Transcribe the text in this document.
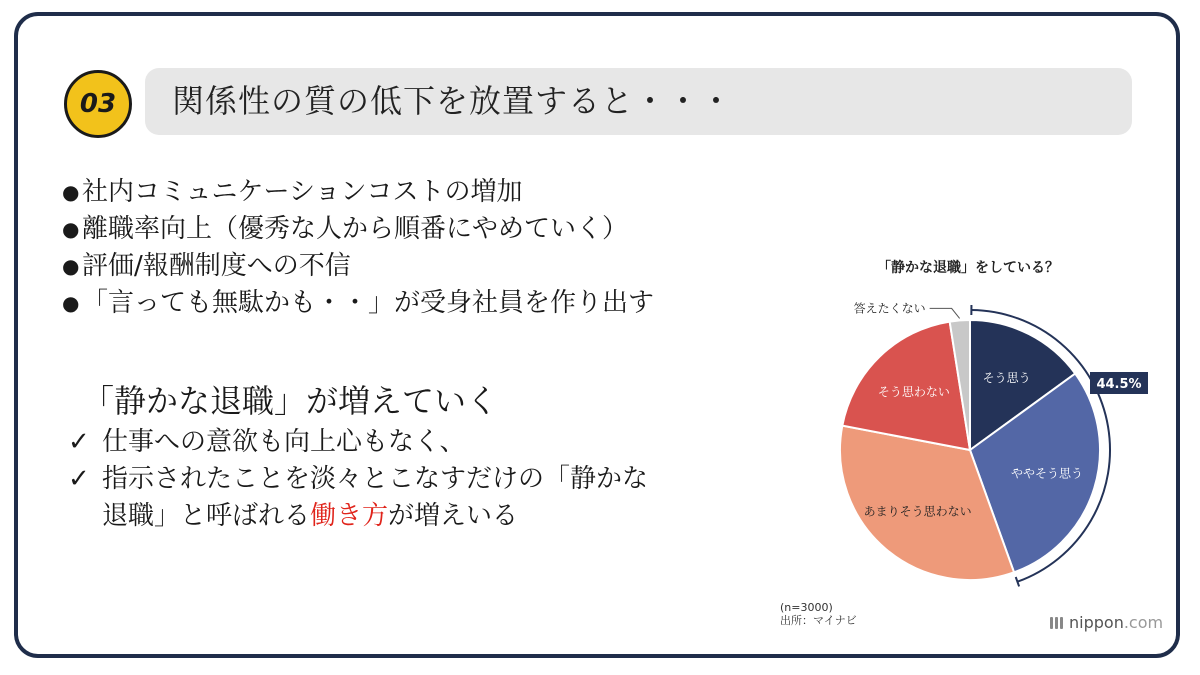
03	関係性の質の低下を放置すると・・・
●社内コミュニケーションコストの増加
●離職率向上（優秀な人から順番にやめていく）
●評価/報酬制度への不信
●「言っても無駄かも・・」が受身社員を作り出す
「静かな退職」が増えていく
✓ 仕事への意欲も向上心もなく、
✓ 指示されたことを淡々とこなすだけの「静かな退職」と呼ばれる働き方が増えいる
「静かな退職」をしている？
そう思う
ややそう思う
あまりそう思わない
そう思わない
答えたくない
44.5%
(n=3000)
出所：マイナビ	nippon.com
